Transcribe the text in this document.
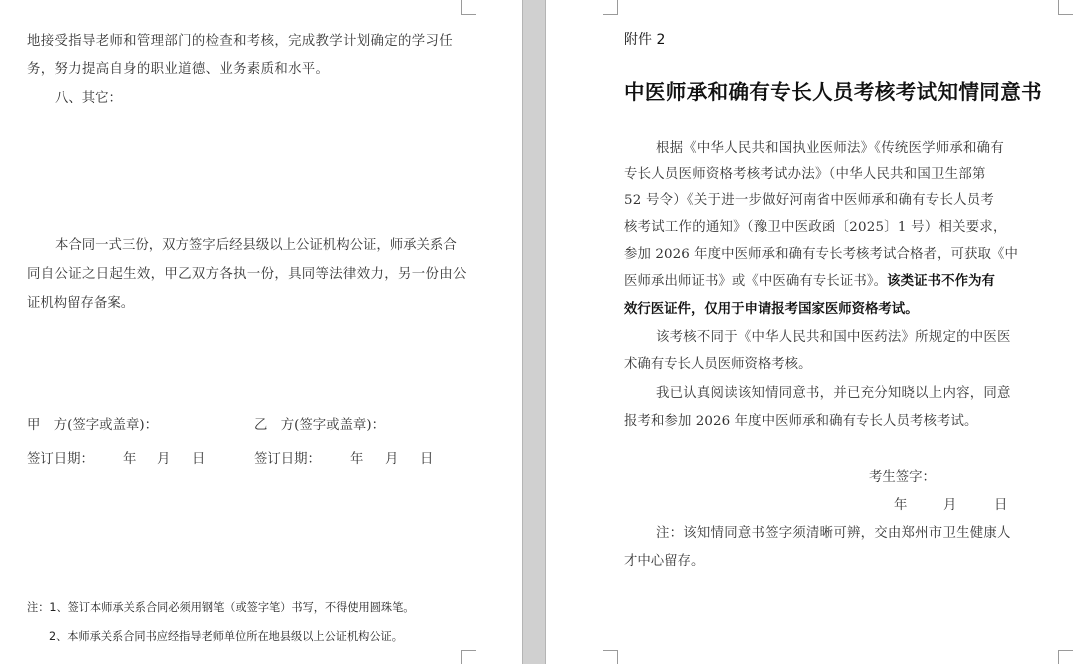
地接受指导老师和管理部门的检查和考核，完成教学计划确定的学习任
务，努力提高自身的职业道德、业务素质和水平。
八、其它：
本合同一式三份，双方签字后经县级以上公证机构公证，师承关系合
同自公证之日起生效，甲乙双方各执一份，具同等法律效力，另一份由公
证机构留存备案。
甲　方(签字或盖章)：	乙　方(签字或盖章)：
签订日期： 年 月 日	签订日期： 年 月 日
注：1、签订本师承关系合同必须用钢笔（或签字笔）书写，不得使用圆珠笔。
2、本师承关系合同书应经指导老师单位所在地县级以上公证机构公证。
附件 2
中医师承和确有专长人员考核考试知情同意书
根据《中华人民共和国执业医师法》《传统医学师承和确有
专长人员医师资格考核考试办法》（中华人民共和国卫生部第
52 号令）《关于进一步做好河南省中医师承和确有专长人员考
核考试工作的通知》（豫卫中医政函〔2025〕1 号）相关要求，
参加 2026 年度中医师承和确有专长考核考试合格者，可获取《中
医师承出师证书》或《中医确有专长证书》。该类证书不作为有
效行医证件，仅用于申请报考国家医师资格考试。
该考核不同于《中华人民共和国中医药法》所规定的中医医
术确有专长人员医师资格考核。
我已认真阅读该知情同意书，并已充分知晓以上内容，同意
报考和参加 2026 年度中医师承和确有专长人员考核考试。
考生签字：
年	月	日
注：该知情同意书签字须清晰可辨，交由郑州市卫生健康人
才中心留存。
